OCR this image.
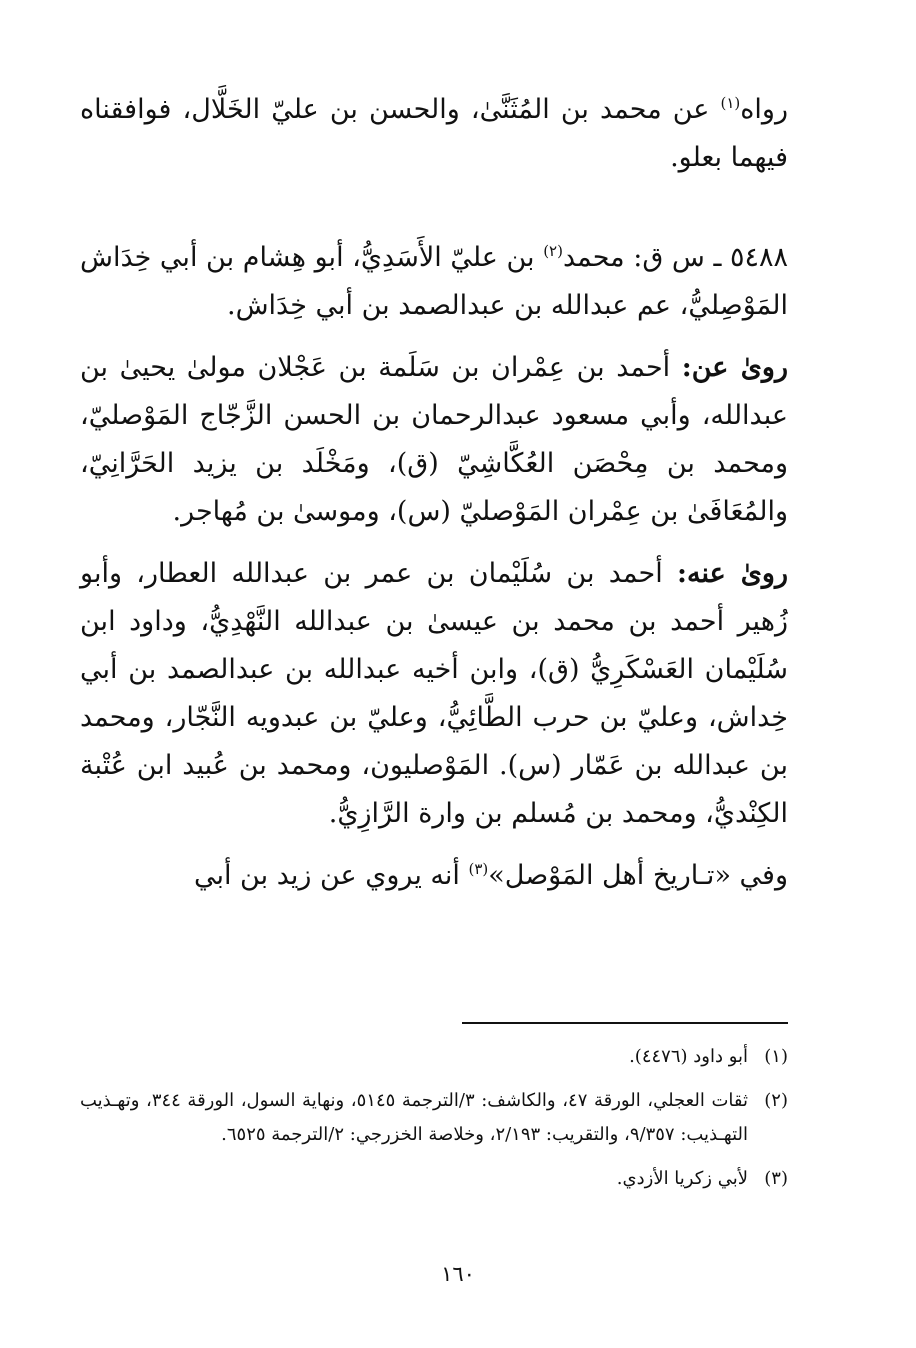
رواه$^{(١)}$ عن محمد بن المُثَنَّىٰ، والحسن بن عليّ الخَلَّال، فوافقناه فيهما بعلو.

٥٤٨٨ ـ س ق: محمد$^{(٢)}$ بن عليّ الأَسَدِيُّ، أبو هِشام بن أبي خِدَاش المَوْصِليُّ، عم عبدالله بن عبدالصمد بن أبي خِدَاش.

روىٰ عن: أحمد بن عِمْران بن سَلَمة بن عَجْلان مولىٰ يحيىٰ بن عبدالله، وأبي مسعود عبدالرحمان بن الحسن الزَّجّاج المَوْصليّ، ومحمد بن مِحْصَن العُكَّاشِيّ (ق)، ومَخْلَد بن يزيد الحَرَّانِيّ، والمُعَافَىٰ بن عِمْران المَوْصليّ (س)، وموسىٰ بن مُهاجر.

روىٰ عنه: أحمد بن سُلَيْمان بن عمر بن عبدالله العطار، وأبو زُهير أحمد بن محمد بن عيسىٰ بن عبدالله النَّهْدِيُّ، وداود ابن سُلَيْمان العَسْكَرِيُّ (ق)، وابن أخيه عبدالله بن عبدالصمد بن أبي خِداش، وعليّ بن حرب الطَّائِيُّ، وعليّ بن عبدويه النَّجّار، ومحمد بن عبدالله بن عَمّار (س). المَوْصليون، ومحمد بن عُبيد ابن عُتْبة الكِنْديُّ، ومحمد بن مُسلم بن وارة الرَّازِيُّ.

وفي «تـاريخ أهل المَوْصل»$^{(٣)}$ أنه يروي عن زيد بن أبي

(١)
أبو داود (٤٤٧٦).
(٢)
ثقات العجلي، الورقة ٤٧، والكاشف: ٣/الترجمة ٥١٤٥، ونهاية السول، الورقة ٣٤٤، وتهـذيب التهـذيب: ٩/٣٥٧، والتقريب: ٢/١٩٣، وخلاصة الخزرجي: ٢/الترجمة ٦٥٢٥.
(٣)
لأبي زكريا الأزدي.
١٦٠
